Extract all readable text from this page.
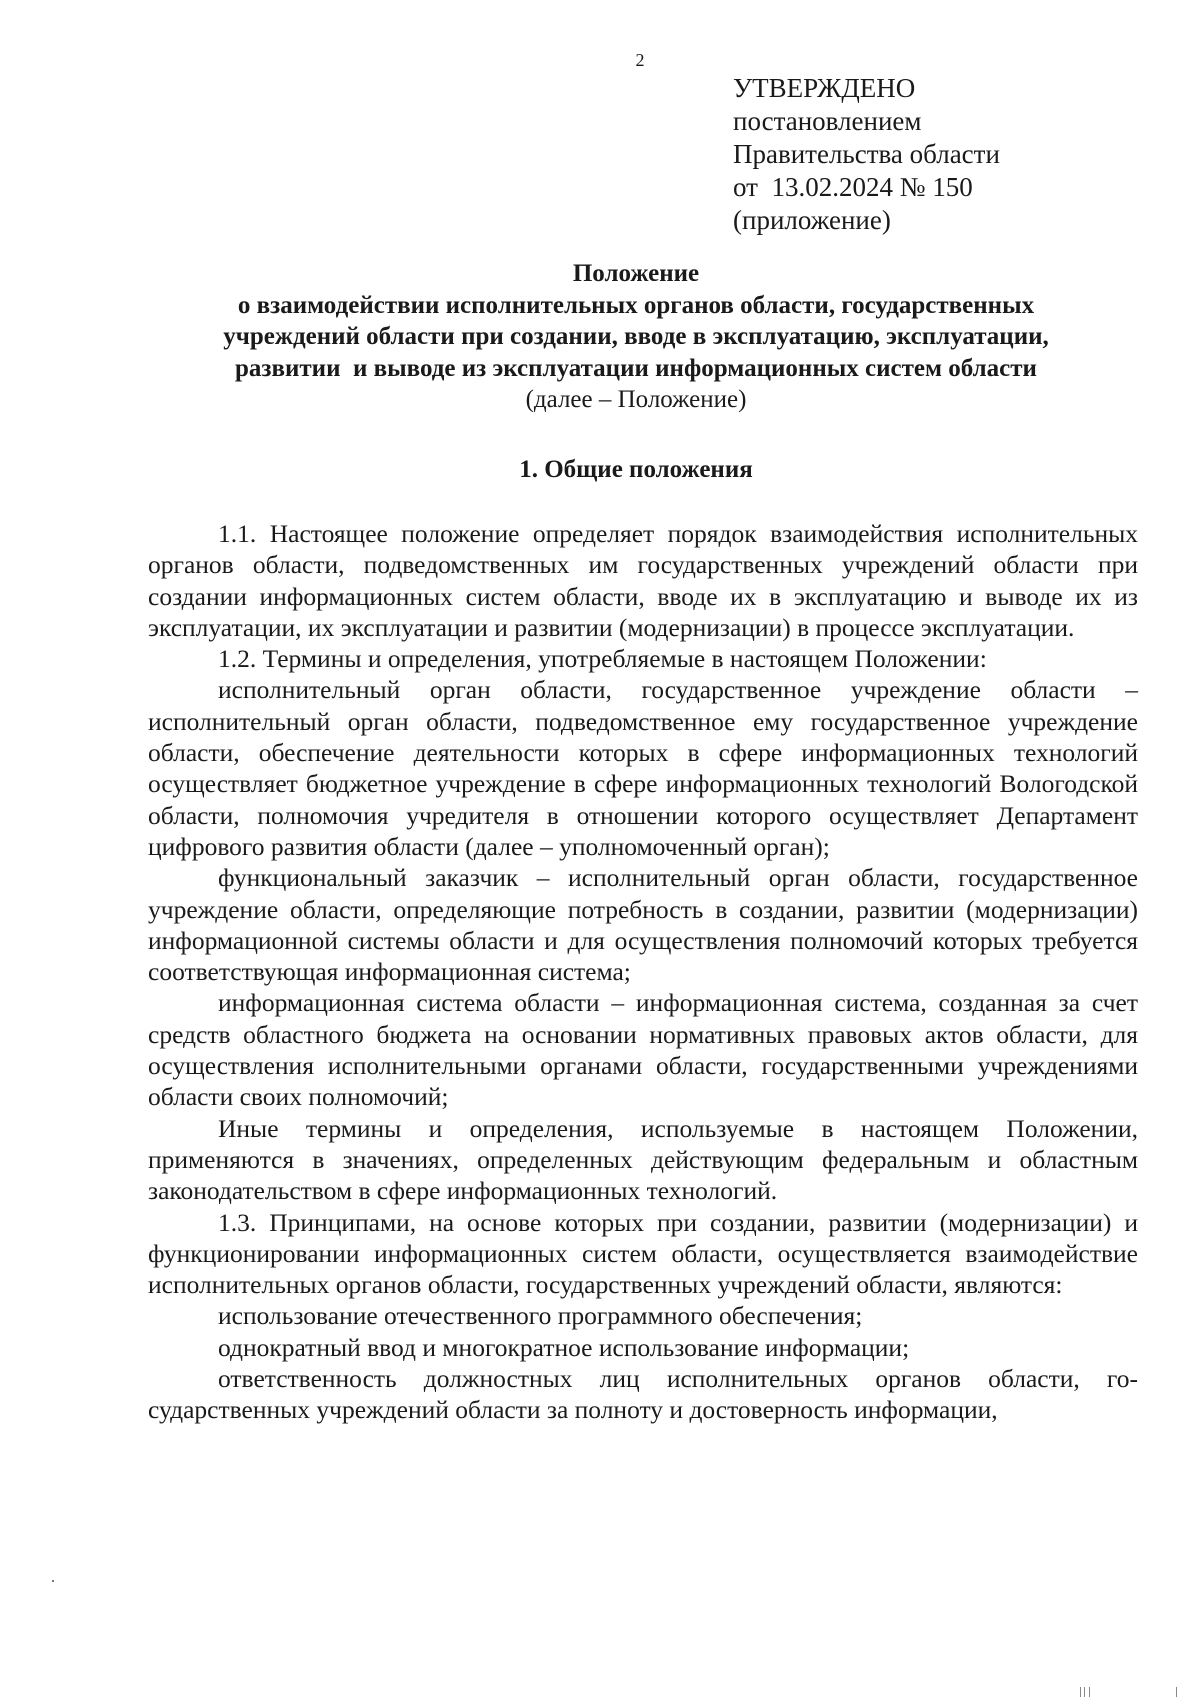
2
УТВЕРЖДЕНО
постановлением
Правительства области
от  13.02.2024 № 150
(приложение)
Положение
о взаимодействии исполнительных органов области, государственных
учреждений области при создании, вводе в эксплуатацию, эксплуатации,
развитии  и выводе из эксплуатации информационных систем области
(далее – Положение)
1. Общие положения

1.1. Настоящее положение определяет порядок взаимодействия исполнительных органов области, подведомственных им государственных учреждений области при создании информационных систем области, вводе их в эксплуатацию и выводе их из эксплуатации, их эксплуатации и развитии (модернизации) в процессе эксплуатации.

1.2. Термины и определения, употребляемые в настоящем Положении:

исполнительный орган области, государственное учреждение области – исполнительный орган области, подведомственное ему государственное учреждение области, обеспечение деятельности которых в сфере информационных технологий осуществляет бюджетное учреждение в сфере информационных технологий Вологодской области, полномочия учредителя в отношении которого осуществляет Департамент цифрового развития области (далее – уполномоченный орган);

функциональный заказчик – исполнительный орган области, государственное учреждение области, определяющие потребность в создании, развитии (модернизации) информационной системы области и для осуществления полномочий которых требуется соответствующая информационная система;

информационная система области – информационная система, созданная за счет средств областного бюджета на основании нормативных правовых актов области, для осуществления исполнительными органами области, государственными учреждениями области своих полномочий;

Иные термины и определения, используемые в настоящем Положении, применяются в значениях, определенных действующим федеральным и областным законодательством в сфере информационных технологий.

1.3. Принципами, на основе которых при создании, развитии (модернизации) и функционировании информационных систем области, осуществляется взаимодействие исполнительных органов области, государственных учреждений области, являются:

использование отечественного программного обеспечения;

однократный ввод и многократное использование информации;

ответственность должностных лиц исполнительных органов области, государственных учреждений области за полноту и достоверность информации,
